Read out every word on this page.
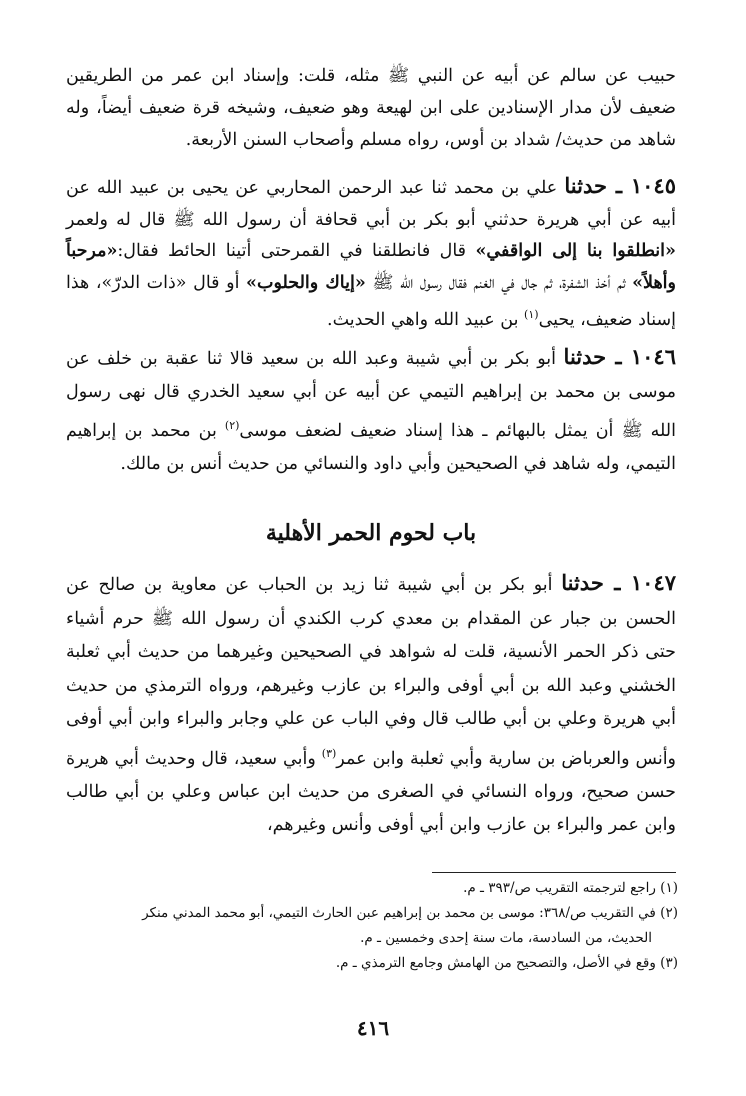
حبيب عن سالم عن أبيه عن النبي ﷺ مثله، قلت: وإسناد ابن عمر من الطريقين ضعيف لأن مدار الإسنادين على ابن لهيعة وهو ضعيف، وشيخه قرة ضعيف أيضاً، وله شاهد من حديث/ شداد بن أوس، رواه مسلم وأصحاب السنن الأربعة.

١٠٤٥ ـ حدثنا علي بن محمد ثنا عبد الرحمن المحاربي عن يحيى بن عبيد الله عن أبيه عن أبي هريرة حدثني أبو بكر بن أبي قحافة أن رسول الله ﷺ قال له ولعمر «انطلقوا بنا إلى الواقفي» قال فانطلقنا في القمرحتى أتينا الحائط فقال:«مرحباً وأهلاً» ثم أخذ الشفرة، ثم جال في الغنم فقال رسول الله ﷺ «إياك والحلوب» أو قال «ذات الدرّ»، هذا إسناد ضعيف، يحيى$^{(١)}$ بن عبيد الله واهي الحديث.

١٠٤٦ ـ حدثنا أبو بكر بن أبي شيبة وعبد الله بن سعيد قالا ثنا عقبة بن خلف عن موسى بن محمد بن إبراهيم التيمي عن أبيه عن أبي سعيد الخدري قال نهى رسول الله ﷺ أن يمثل بالبهائم ـ هذا إسناد ضعيف لضعف موسى$^{(٢)}$ بن محمد بن إبراهيم التيمي، وله شاهد في الصحيحين وأبي داود والنسائي من حديث أنس بن مالك.

باب لحوم الحمر الأهلية

١٠٤٧ ـ حدثنا أبو بكر بن أبي شيبة ثنا زيد بن الحباب عن معاوية بن صالح عن الحسن بن جبار عن المقدام بن معدي كرب الكندي أن رسول الله ﷺ حرم أشياء حتى ذكر الحمر الأنسية، قلت له شواهد في الصحيحين وغيرهما من حديث أبي ثعلبة الخشني وعبد الله بن أبي أوفى والبراء بن عازب وغيرهم، ورواه الترمذي من حديث أبي هريرة وعلي بن أبي طالب قال وفي الباب عن علي وجابر والبراء وابن أبي أوفى وأنس والعرباض بن سارية وأبي ثعلبة وابن عمر$^{(٣)}$ وأبي سعيد، قال وحديث أبي هريرة حسن صحيح، ورواه النسائي في الصغرى من حديث ابن عباس وعلي بن أبي طالب وابن عمر والبراء بن عازب وابن أبي أوفى وأنس وغيرهم،

(١) راجع لترجمته التقريب ص/٣٩٣ ـ م.

(٢) في التقريب ص/٣٦٨: موسى بن محمد بن إبراهيم عبن الحارث التيمي، أبو محمد المدني منكر

الحديث، من السادسة، مات سنة إحدى وخمسين ـ م.

(٣) وقع في الأصل، والتصحيح من الهامش وجامع الترمذي ـ م.

٤١٦
